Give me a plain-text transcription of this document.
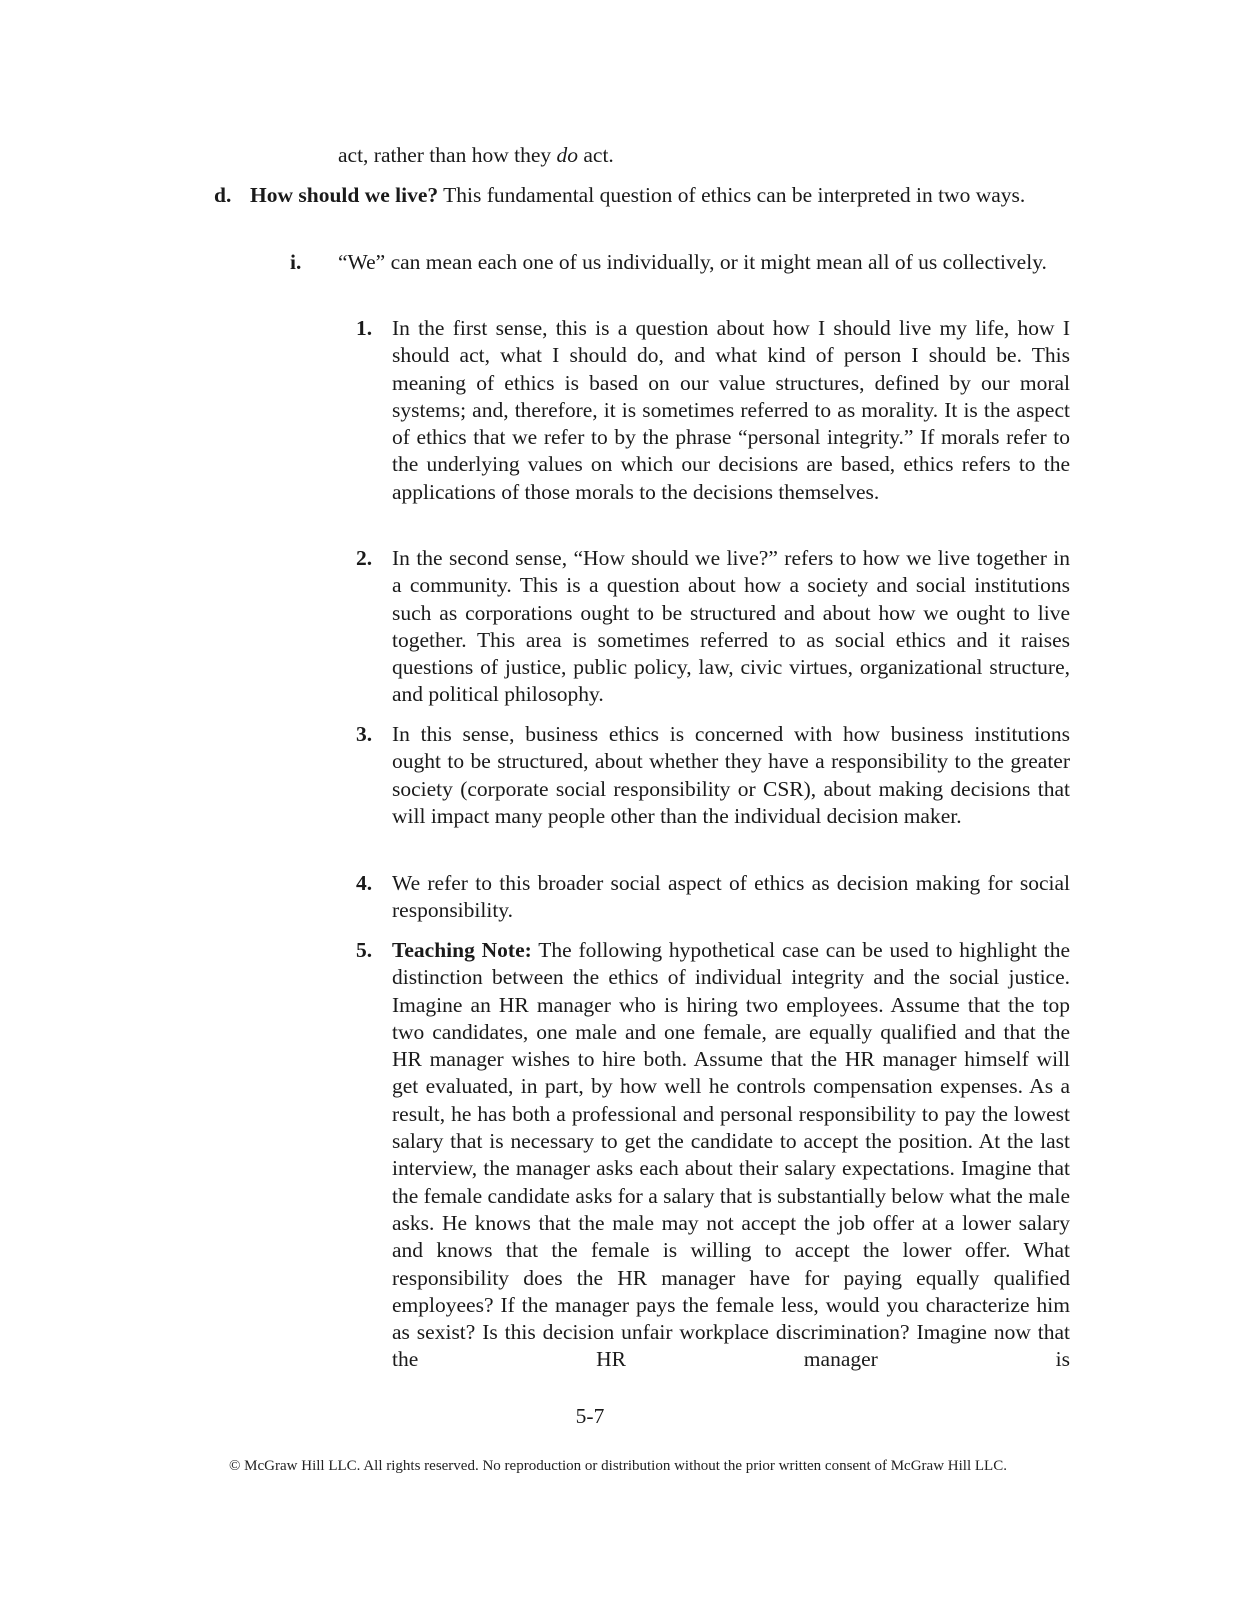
act, rather than how they do act.
d. How should we live? This fundamental question of ethics can be interpreted in two ways.
i. “We” can mean each one of us individually, or it might mean all of us collectively.
1. In the first sense, this is a question about how I should live my life, how I should act, what I should do, and what kind of person I should be. This meaning of ethics is based on our value structures, defined by our moral systems; and, therefore, it is sometimes referred to as morality. It is the aspect of ethics that we refer to by the phrase “personal integrity.” If morals refer to the underlying values on which our decisions are based, ethics refers to the applications of those morals to the decisions themselves.
2. In the second sense, “How should we live?” refers to how we live together in a community. This is a question about how a society and social institutions such as corporations ought to be structured and about how we ought to live together. This area is sometimes referred to as social ethics and it raises questions of justice, public policy, law, civic virtues, organizational structure, and political philosophy.
3. In this sense, business ethics is concerned with how business institutions ought to be structured, about whether they have a responsibility to the greater society (corporate social responsibility or CSR), about making decisions that will impact many people other than the individual decision maker.
4. We refer to this broader social aspect of ethics as decision making for social responsibility.
5. Teaching Note: The following hypothetical case can be used to highlight the distinction between the ethics of individual integrity and the social justice. Imagine an HR manager who is hiring two employees. Assume that the top two candidates, one male and one female, are equally qualified and that the HR manager wishes to hire both. Assume that the HR manager himself will get evaluated, in part, by how well he controls compensation expenses. As a result, he has both a professional and personal responsibility to pay the lowest salary that is necessary to get the candidate to accept the position. At the last interview, the manager asks each about their salary expectations. Imagine that the female candidate asks for a salary that is substantially below what the male asks. He knows that the male may not accept the job offer at a lower salary and knows that the female is willing to accept the lower offer. What responsibility does the HR manager have for paying equally qualified employees? If the manager pays the female less, would you characterize him as sexist? Is this decision unfair workplace discrimination? Imagine now that the HR manager is
5-7
© McGraw Hill LLC. All rights reserved. No reproduction or distribution without the prior written consent of McGraw Hill LLC.
